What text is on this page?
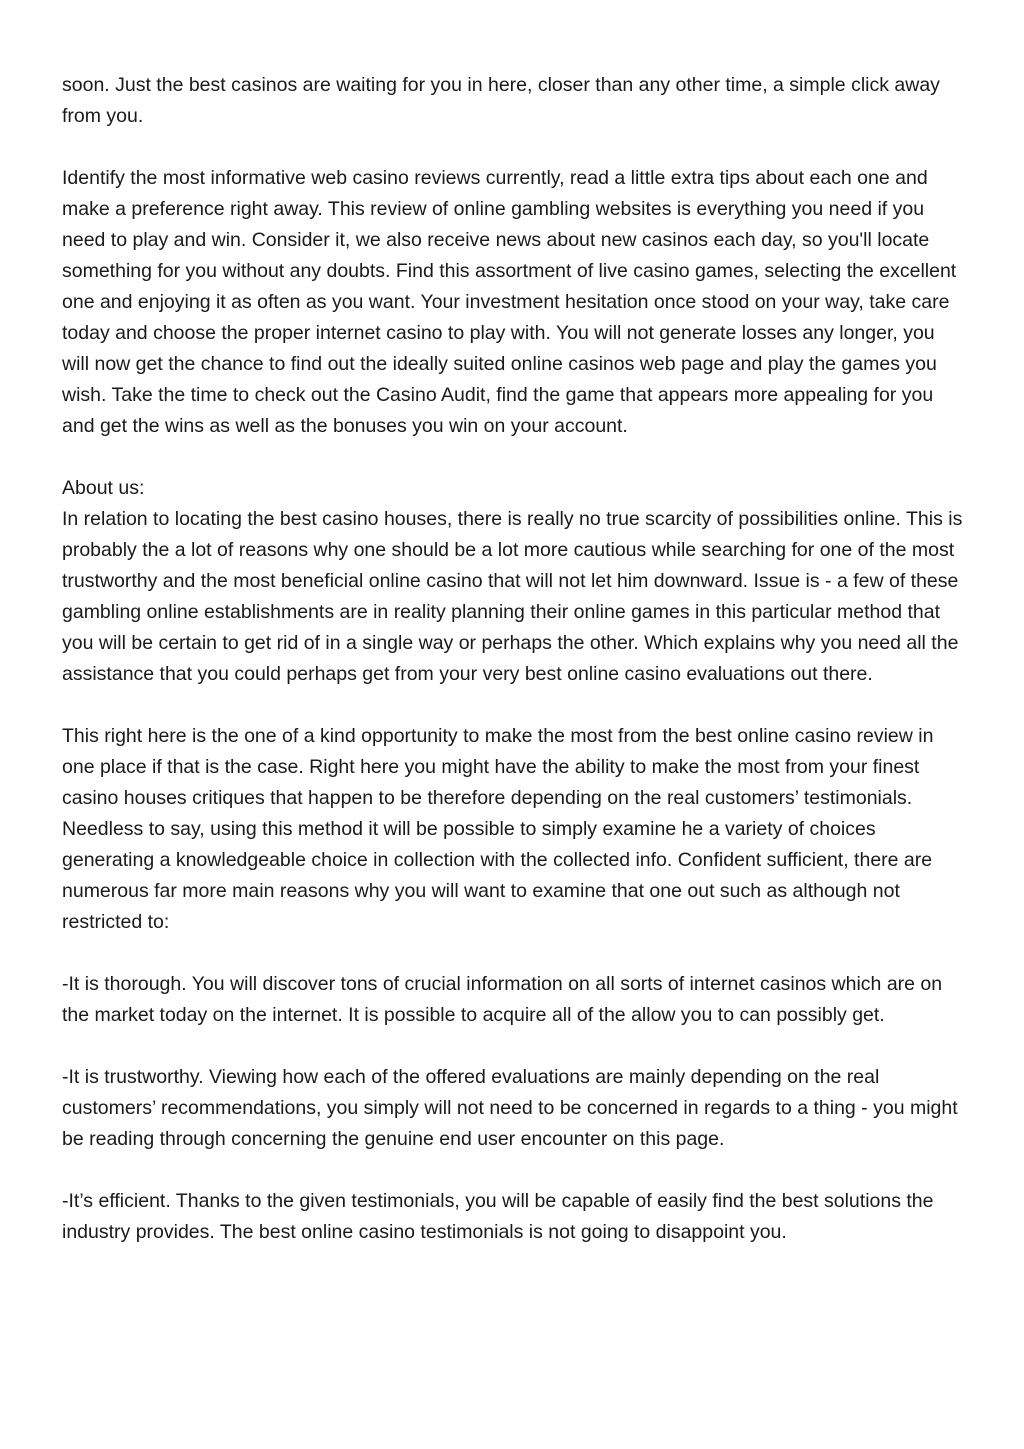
soon. Just the best casinos are waiting for you in here, closer than any other time, a simple click away from you.

Identify the most informative web casino reviews currently, read a little extra tips about each one and make a preference right away. This review of online gambling websites is everything you need if you need to play and win. Consider it, we also receive news about new casinos each day, so you'll locate something for you without any doubts. Find this assortment of live casino games, selecting the excellent one and enjoying it as often as you want. Your investment hesitation once stood on your way, take care today and choose the proper internet casino to play with. You will not generate losses any longer, you will now get the chance to find out the ideally suited online casinos web page and play the games you wish. Take the time to check out the Casino Audit, find the game that appears more appealing for you and get the wins as well as the bonuses you win on your account.

About us:
In relation to locating the best casino houses, there is really no true scarcity of possibilities online. This is probably the a lot of reasons why one should be a lot more cautious while searching for one of the most trustworthy and the most beneficial online casino that will not let him downward. Issue is - a few of these gambling online establishments are in reality planning their online games in this particular method that you will be certain to get rid of in a single way or perhaps the other. Which explains why you need all the assistance that you could perhaps get from your very best online casino evaluations out there.

This right here is the one of a kind opportunity to make the most from the best online casino review in one place if that is the case. Right here you might have the ability to make the most from your finest casino houses critiques that happen to be therefore depending on the real customers’ testimonials. Needless to say, using this method it will be possible to simply examine he a variety of choices generating a knowledgeable choice in collection with the collected info. Confident sufficient, there are numerous far more main reasons why you will want to examine that one out such as although not restricted to:

-It is thorough. You will discover tons of crucial information on all sorts of internet casinos which are on the market today on the internet. It is possible to acquire all of the allow you to can possibly get.

-It is trustworthy. Viewing how each of the offered evaluations are mainly depending on the real customers’ recommendations, you simply will not need to be concerned in regards to a thing - you might be reading through concerning the genuine end user encounter on this page.

-It’s efficient. Thanks to the given testimonials, you will be capable of easily find the best solutions the industry provides. The best online casino testimonials is not going to disappoint you.
